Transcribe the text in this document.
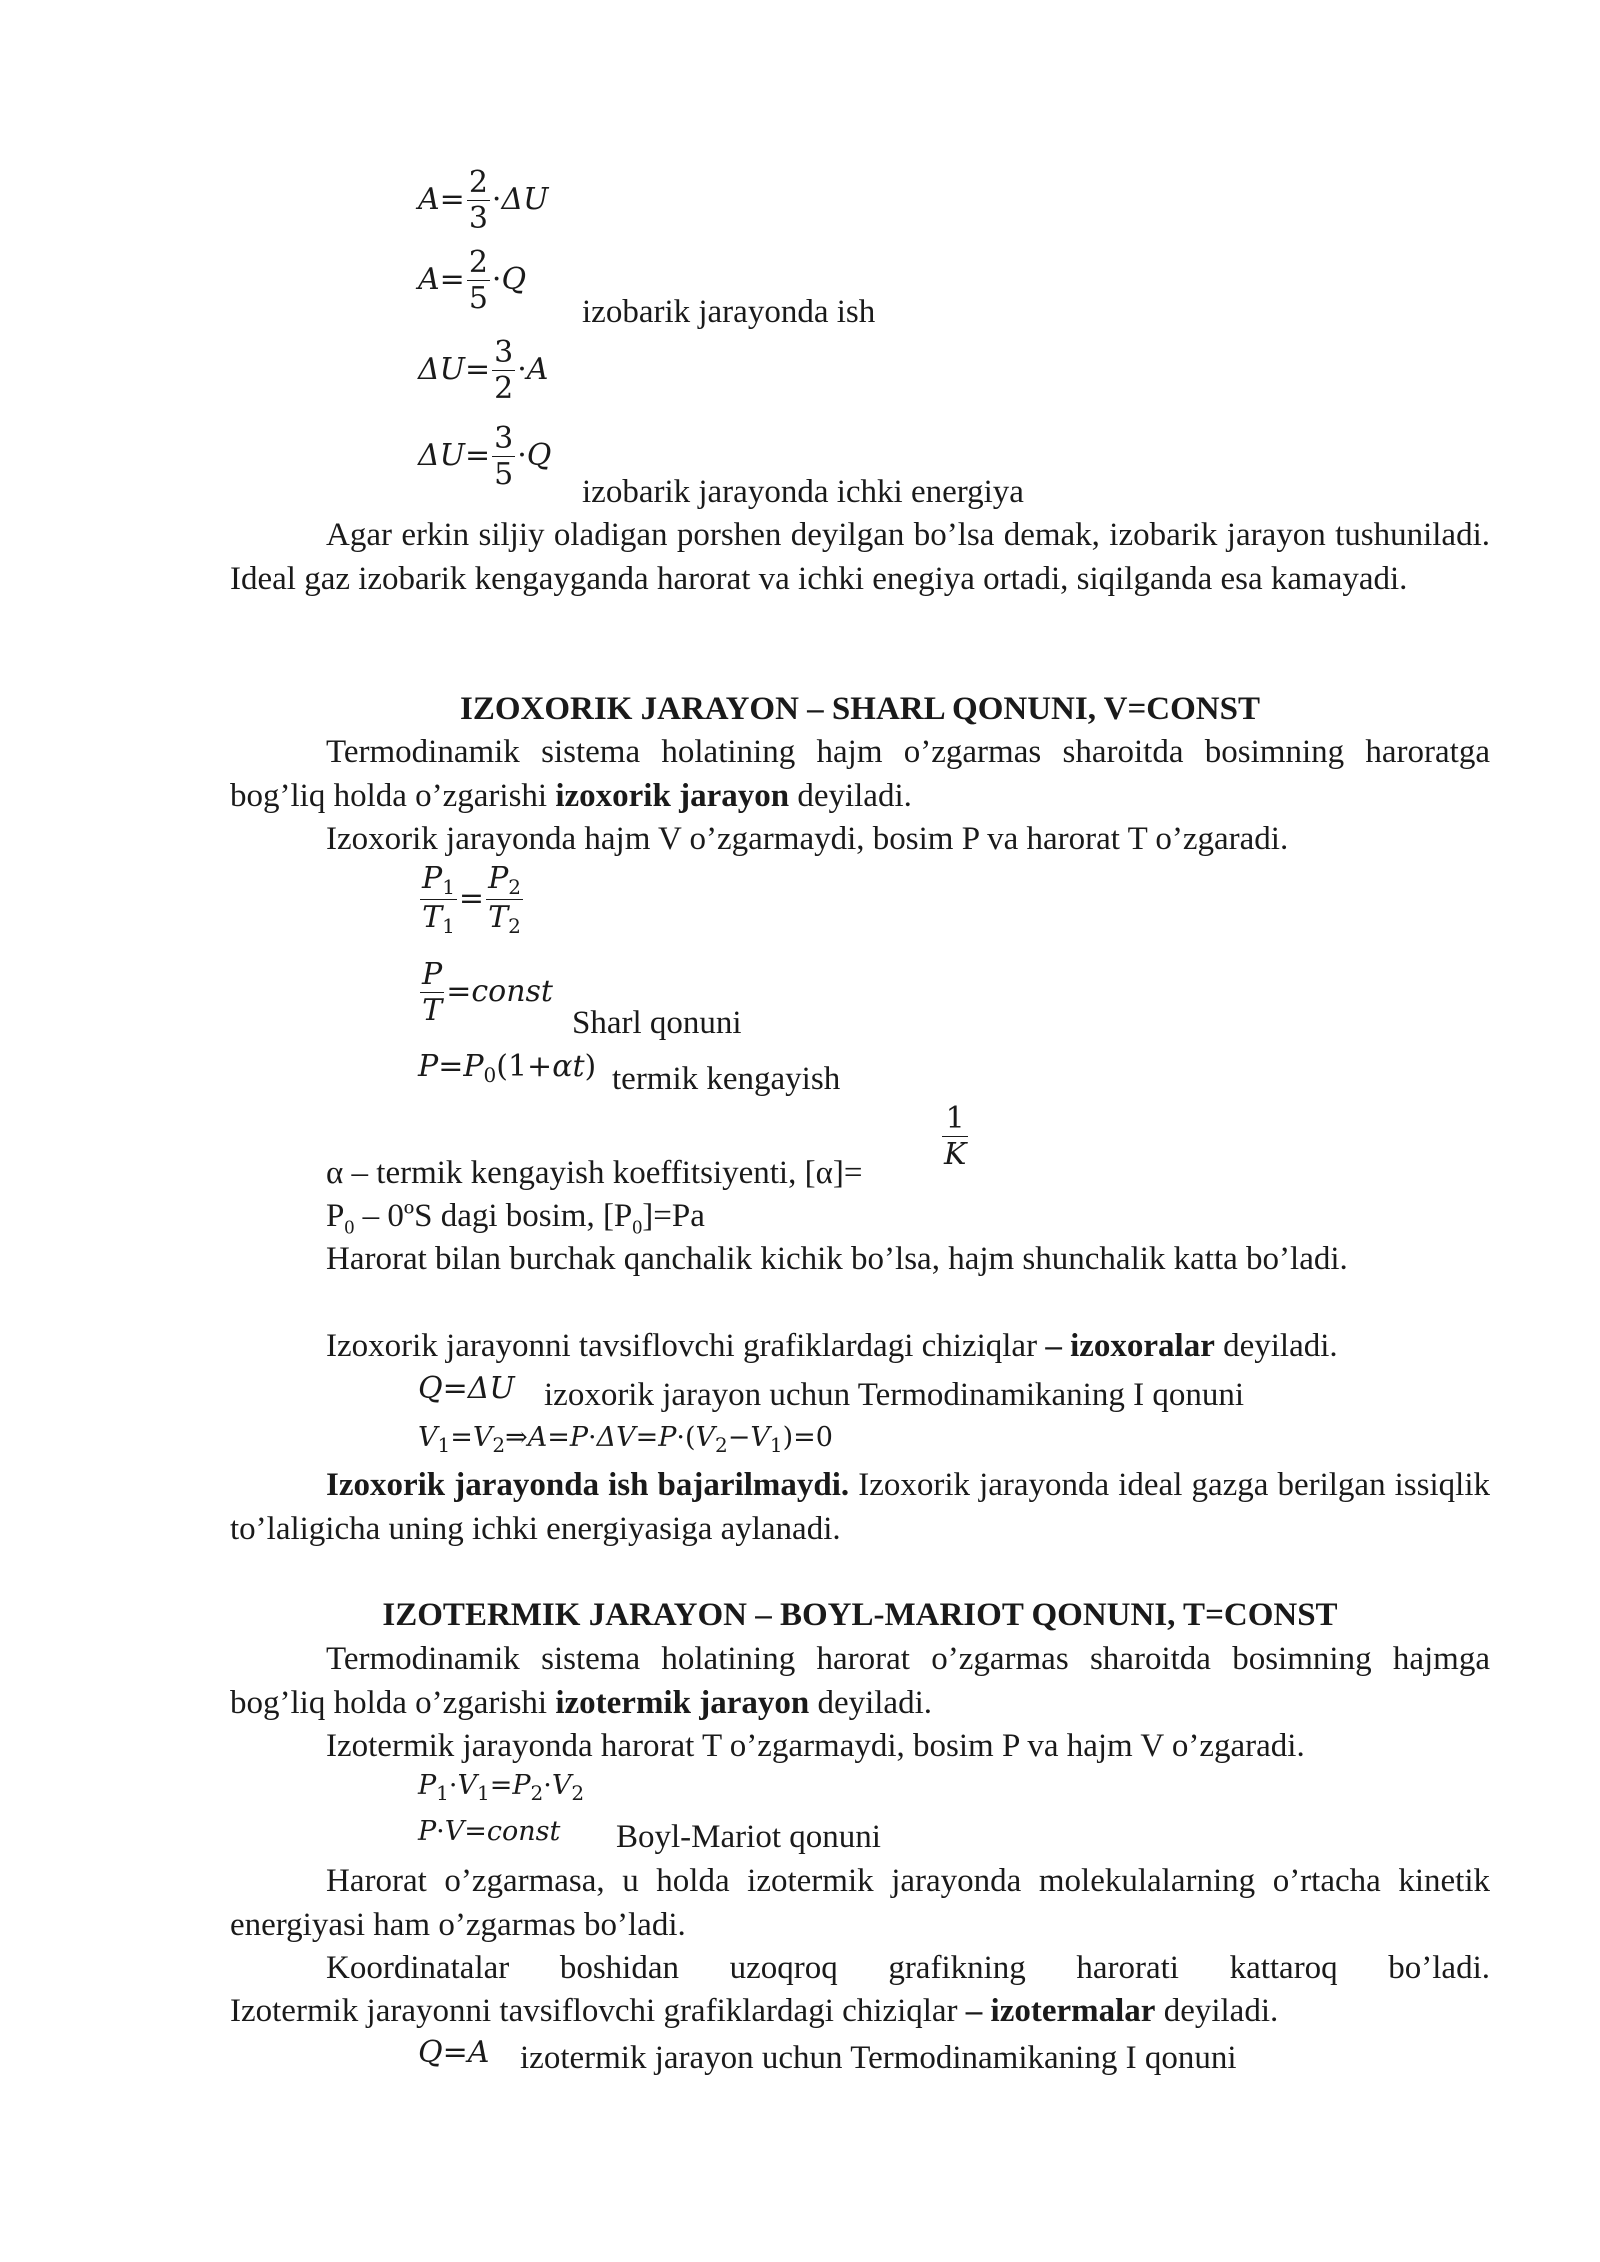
$A= \frac{2}{3} \cdot\Delta U$
$A= \frac{2}{5} \cdot Q$

izobarik jarayonda ish

$\Delta U= \frac{3}{2} \cdot A$
$\Delta U= \frac{3}{5} \cdot Q$

izobarik jarayonda ichki energiya

Agar erkin siljiy oladigan porshen deyilgan bo’lsa demak, izobarik jarayon tushuniladi. Ideal gaz izobarik kengayganda harorat va ichki enegiya ortadi, siqilganda esa kamayadi.

IZOXORIK JARAYON – SHARL QONUNI, V=CONST

Termodinamik sistema holatining hajm o’zgarmas sharoitda bosimning haroratga bog’liq holda o’zgarishi izoxorik jarayon deyiladi.

Izoxorik jarayonda hajm V o’zgarmaydi, bosim P va harorat T o’zgaradi.

$\frac{P_1}{T_1} = \frac{P_2}{T_2}$
$\frac{P}{T}$ =const

Sharl qonuni

$P=P_0(1+\alpha t)$ termik kengayish

α – termik kengayish koeffitsiyenti, [α]=

$\frac{1}{K}$

$P_0$ – 0ºS dagi bosim, $[P_0]=Pa$

Harorat bilan burchak qanchalik kichik bo’lsa, hajm shunchalik katta bo’ladi.

Izoxorik jarayonni tavsiflovchi grafiklardagi chiziqlar – izoxoralar deyiladi.

Q=ΔU izoxorik jarayon uchun Termodinamikaning I qonuni

$V_1=V_2\Rightarrow A=P\cdot\Delta V=P\cdot(V_2-V_1)=0$

Izoxorik jarayonda ish bajarilmaydi. Izoxorik jarayonda ideal gazga berilgan issiqlik to’laligicha uning ichki energiyasiga aylanadi.

IZOTERMIK JARAYON – BOYL-MARIOT QONUNI, T=CONST

Termodinamik sistema holatining harorat o’zgarmas sharoitda bosimning hajmga bog’liq holda o’zgarishi izotermik jarayon deyiladi.

Izotermik jarayonda harorat T o’zgarmaydi, bosim P va hajm V o’zgaradi.

$P_1\cdot V_1=P_2\cdot V_2$
P·V=const Boyl-Mariot qonuni

Harorat o’zgarmasa, u holda izotermik jarayonda molekulalarning o’rtacha kinetik energiyasi ham o’zgarmas bo’ladi.

Koordinatalar boshidan uzoqroq grafikning harorati kattaroq bo’ladi.

Izotermik jarayonni tavsiflovchi grafiklardagi chiziqlar – izotermalar deyiladi.

Q=A izotermik jarayon uchun Termodinamikaning I qonuni
